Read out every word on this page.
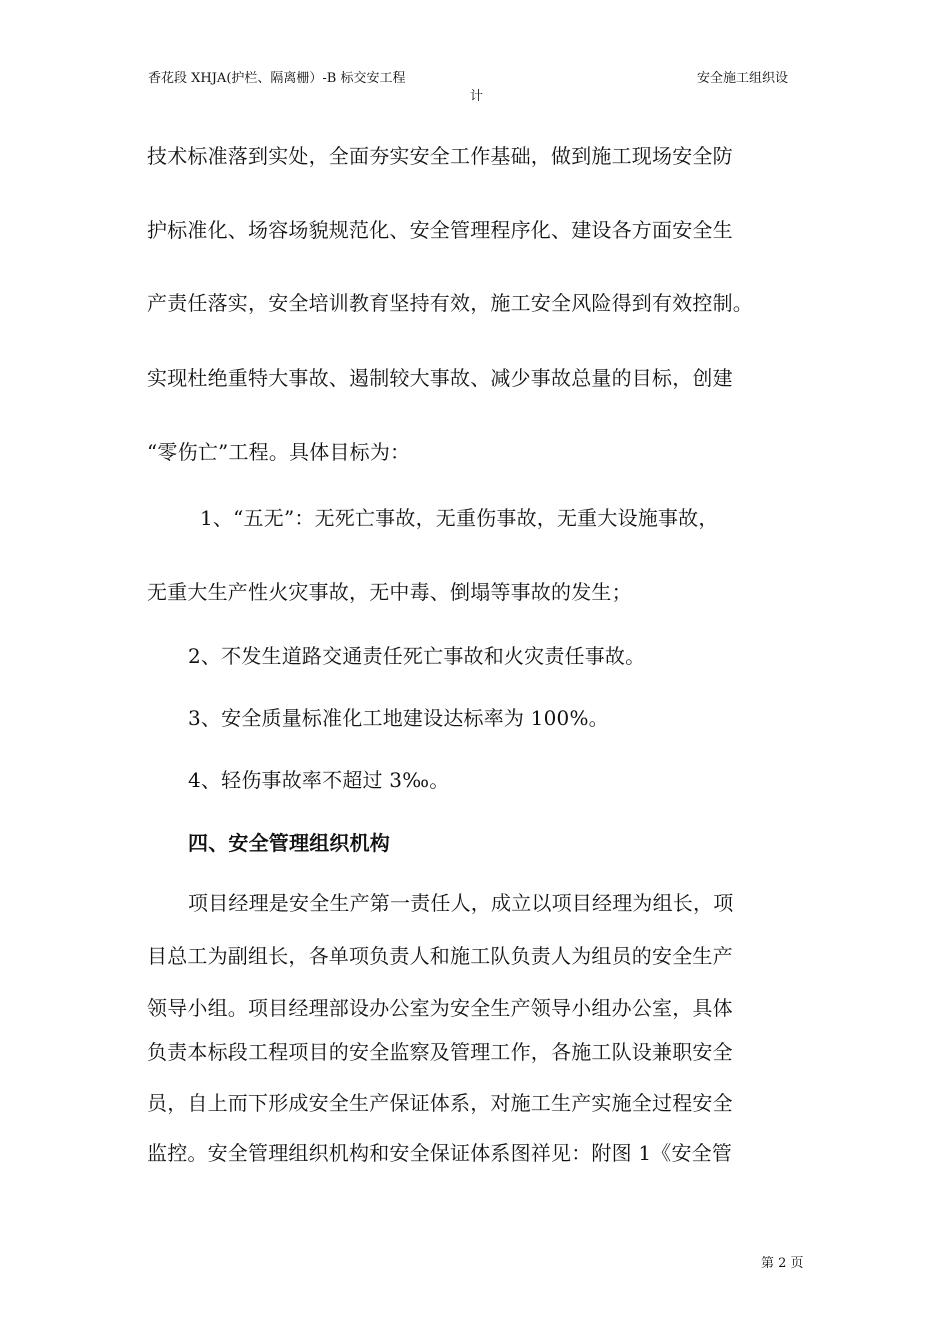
香花段 XHJA(护栏、隔离栅）-B 标交安工程	安全施工组织设
计
技术标准落到实处，全面夯实安全工作基础，做到施工现场安全防
护标准化、场容场貌规范化、安全管理程序化、建设各方面安全生
产责任落实，安全培训教育坚持有效，施工安全风险得到有效控制。
实现杜绝重特大事故、遏制较大事故、减少事故总量的目标，创建
“零伤亡”工程。具体目标为：
1、“五无”：无死亡事故，无重伤事故，无重大设施事故，
无重大生产性火灾事故，无中毒、倒塌等事故的发生；
2、不发生道路交通责任死亡事故和火灾责任事故。
3、安全质量标准化工地建设达标率为 100%。
4、轻伤事故率不超过 3‰。
四、安全管理组织机构
项目经理是安全生产第一责任人，成立以项目经理为组长，项
目总工为副组长，各单项负责人和施工队负责人为组员的安全生产
领导小组。项目经理部设办公室为安全生产领导小组办公室，具体
负责本标段工程项目的安全监察及管理工作，各施工队设兼职安全
员，自上而下形成安全生产保证体系，对施工生产实施全过程安全
监控。安全管理组织机构和安全保证体系图祥见：附图 1《安全管
第 2 页
